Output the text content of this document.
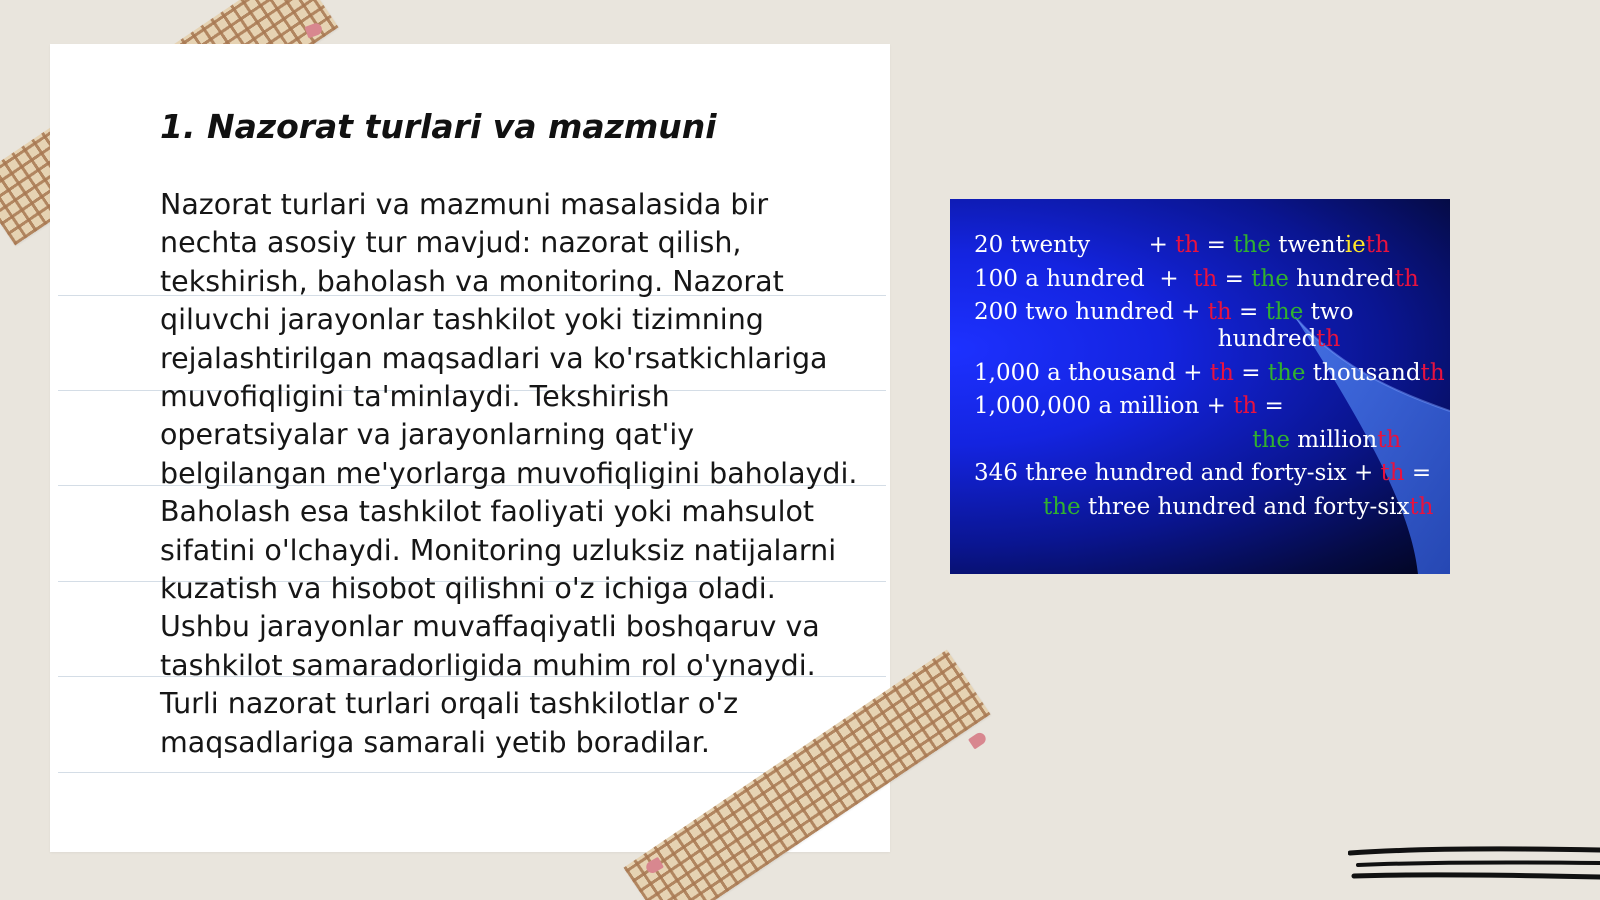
1. Nazorat turlari va mazmuni

Nazorat turlari va mazmuni masalasida bir nechta asosiy tur mavjud: nazorat qilish, tekshirish, baholash va monitoring. Nazorat qiluvchi jarayonlar tashkilot yoki tizimning rejalashtirilgan maqsadlari va ko'rsatkichlariga muvofiqligini ta'minlaydi. Tekshirish operatsiyalar va jarayonlarning qat'iy belgilangan me'yorlarga muvofiqligini baholaydi. Baholash esa tashkilot faoliyati yoki mahsulot sifatini o'lchaydi. Monitoring uzluksiz natijalarni kuzatish va hisobot qilishni o'z ichiga oladi. Ushbu jarayonlar muvaffaqiyatli boshqaruv va tashkilot samaradorligida muhim rol o'ynaydi. Turli nazorat turlari orqali tashkilotlar o'z maqsadlariga samarali yetib boradilar.

20 twenty        + th = the twentieth
100 a hundred  +  th = the hundredth
200 two hundred + th = the two
hundredth
1,000 a thousand + th = the thousandth
1,000,000 a million + th =
the millionth
346 three hundred and forty-six + th =
the three hundred and forty-sixth
